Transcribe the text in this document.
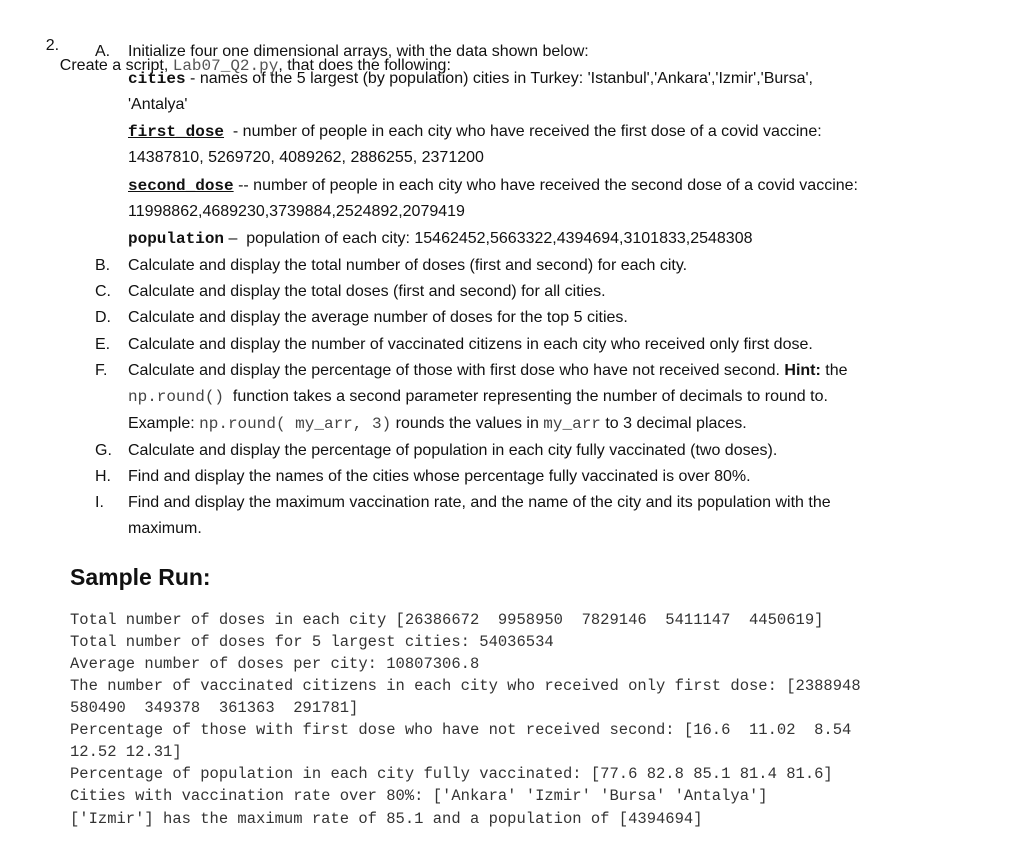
2.
Create a script, Lab07_Q2.py, that does the following:

A. Initialize four one dimensional arrays, with the data shown below:
cities - names of the 5 largest (by population) cities in Turkey: 'Istanbul','Ankara','Izmir','Bursa',
'Antalya'
first_dose  - number of people in each city who have received the first dose of a covid vaccine:
14387810, 5269720, 4089262, 2886255, 2371200
second_dose -- number of people in each city who have received the second dose of a covid vaccine:
11998862,4689230,3739884,2524892,2079419
population –  population of each city: 15462452,5663322,4394694,3101833,2548308
B. Calculate and display the total number of doses (first and second) for each city.
C. Calculate and display the total doses (first and second) for all cities.
D. Calculate and display the average number of doses for the top 5 cities.
E. Calculate and display the number of vaccinated citizens in each city who received only first dose.
F. Calculate and display the percentage of those with first dose who have not received second. Hint: the
np.round()  function takes a second parameter representing the number of decimals to round to.
Example: np.round( my_arr, 3) rounds the values in my_arr to 3 decimal places.
G. Calculate and display the percentage of population in each city fully vaccinated (two doses).
H. Find and display the names of the cities whose percentage fully vaccinated is over 80%.
I. Find and display the maximum vaccination rate, and the name of the city and its population with the
maximum.
Sample Run:
Total number of doses in each city [26386672  9958950  7829146  5411147  4450619]
Total number of doses for 5 largest cities: 54036534
Average number of doses per city: 10807306.8
The number of vaccinated citizens in each city who received only first dose: [2388948
580490  349378  361363  291781]
Percentage of those with first dose who have not received second: [16.6  11.02  8.54
12.52 12.31]
Percentage of population in each city fully vaccinated: [77.6 82.8 85.1 81.4 81.6]
Cities with vaccination rate over 80%: ['Ankara' 'Izmir' 'Bursa' 'Antalya']
['Izmir'] has the maximum rate of 85.1 and a population of [4394694]
